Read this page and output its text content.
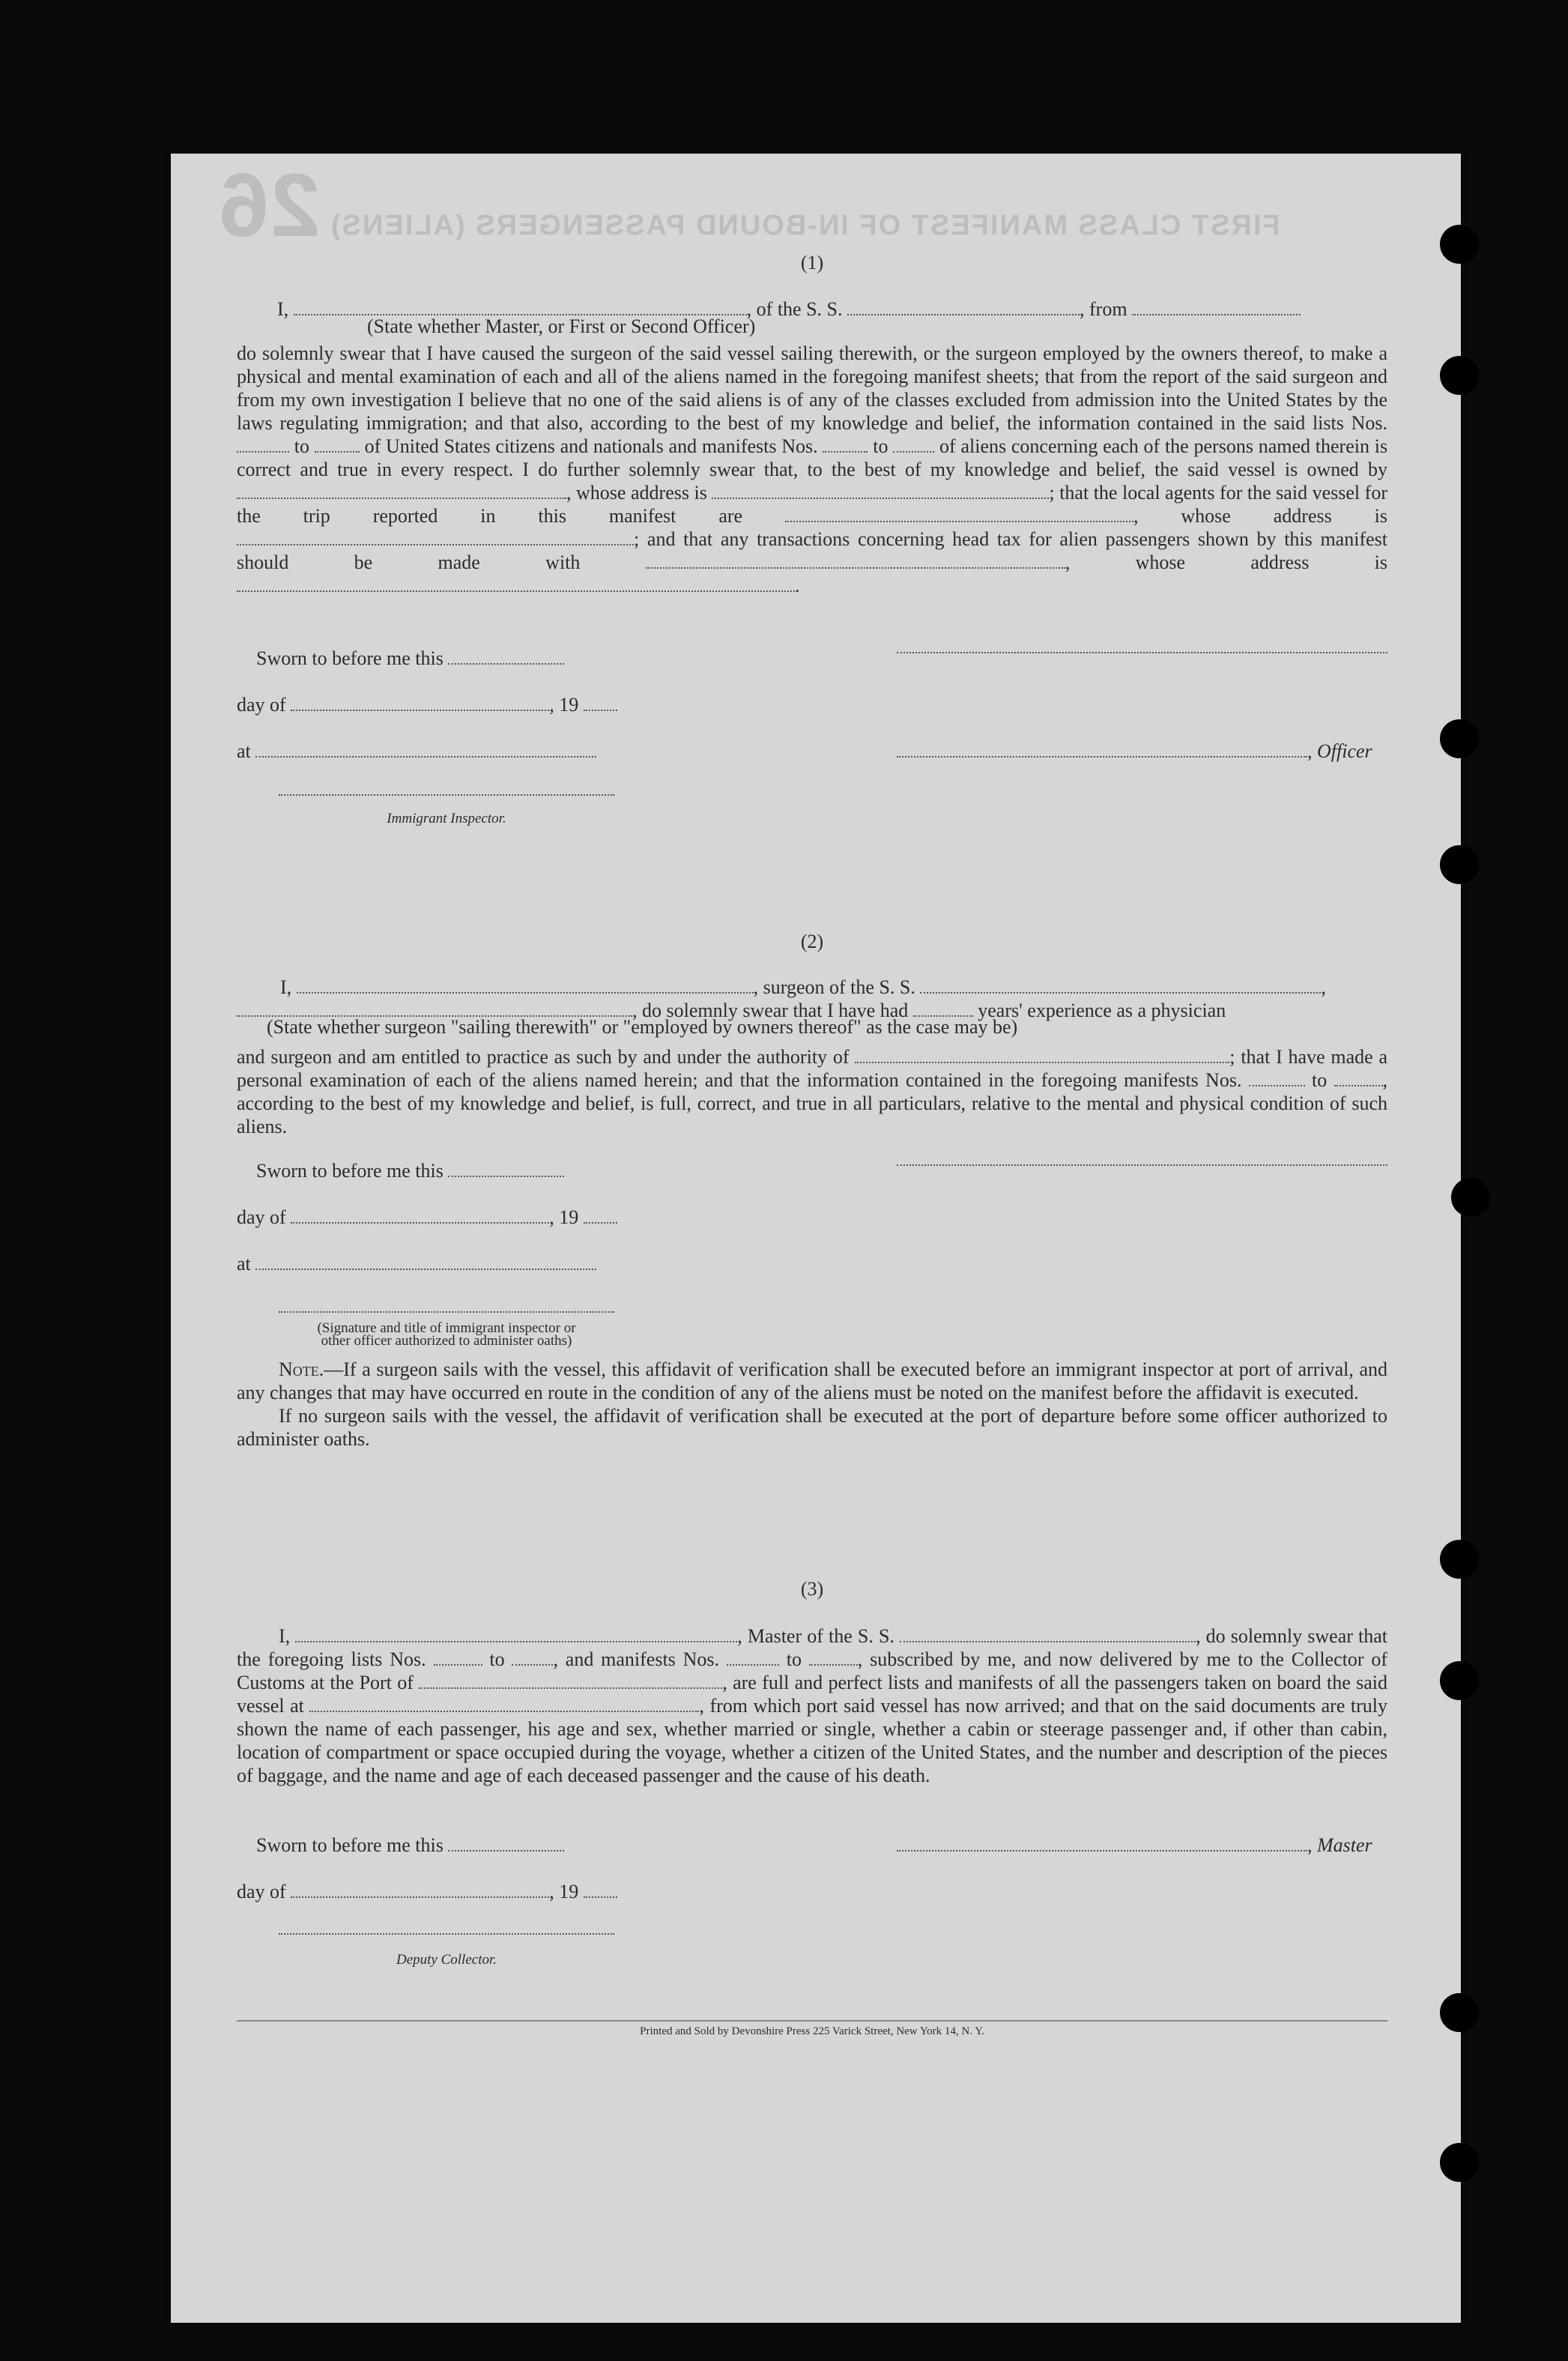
26 FIRST CLASS MANIFEST OF IN-BOUND PASSENGERS (ALIENS)
(1)
I,	, of the S. S.	, from
(State whether Master, or First or Second Officer)

do solemnly swear that I have caused the surgeon of the said vessel sailing therewith, or the surgeon employed by the owners thereof, to make a physical and mental examination of each and all of the aliens named in the foregoing manifest sheets; that from the report of the said surgeon and from my own investigation I believe that no one of the said aliens is of any of the classes excluded from admission into the United States by the laws regulating immigration; and that also, according to the best of my knowledge and belief, the information contained in the said lists Nos.  to	of United States citizens and nationals and manifests Nos.	to	of aliens concerning each of the persons named therein is correct and true in every respect. I do further solemnly swear that, to the best of my knowledge and belief, the said vessel is owned by , whose address is	; that the local agents for the said vessel for the trip reported in this manifest are	, whose address is ; and that any transactions concerning head tax for alien passengers shown by this manifest should be made with	, whose address is .

Sworn to before me this
day of	, 19
at	, Officer
Immigrant Inspector.
(2)
I,	, surgeon of the S. S.	,
, do solemnly swear that I have had	years' experience as a physician
(State whether surgeon "sailing therewith" or "employed by owners thereof" as the case may be)

and surgeon and am entitled to practice as such by and under the authority of	; that I have made a personal examination of each of the aliens named herein; and that the information contained in the foregoing manifests Nos.	to	, according to the best of my knowledge and belief, is full, correct, and true in all particulars, relative to the mental and physical condition of such aliens.

Sworn to before me this
day of	, 19
at
(Signature and title of immigrant inspector or
other officer authorized to administer oaths)

Note.—If a surgeon sails with the vessel, this affidavit of verification shall be executed before an immigrant inspector at port of arrival, and any changes that may have occurred en route in the condition of any of the aliens must be noted on the manifest before the affidavit is executed.

If no surgeon sails with the vessel, the affidavit of verification shall be executed at the port of departure before some officer authorized to administer oaths.

(3)

I,	, Master of the S. S.	, do solemnly swear that the foregoing lists Nos.	to , and manifests Nos.	to	, subscribed by me, and now delivered by me to the Collector of Customs at the Port of	, are full and perfect lists and manifests of all the passengers taken on board the said vessel at	, from which port said vessel has now arrived; and that on the said documents are truly shown the name of each passenger, his age and sex, whether married or single, whether a cabin or steerage passenger and, if other than cabin, location of compartment or space occupied during the voyage, whether a citizen of the United States, and the number and description of the pieces of baggage, and the name and age of each deceased passenger and the cause of his death.

Sworn to before me this	, Master
day of	, 19
Deputy Collector.
Printed and Sold by Devonshire Press 225 Varick Street, New York 14, N. Y.
